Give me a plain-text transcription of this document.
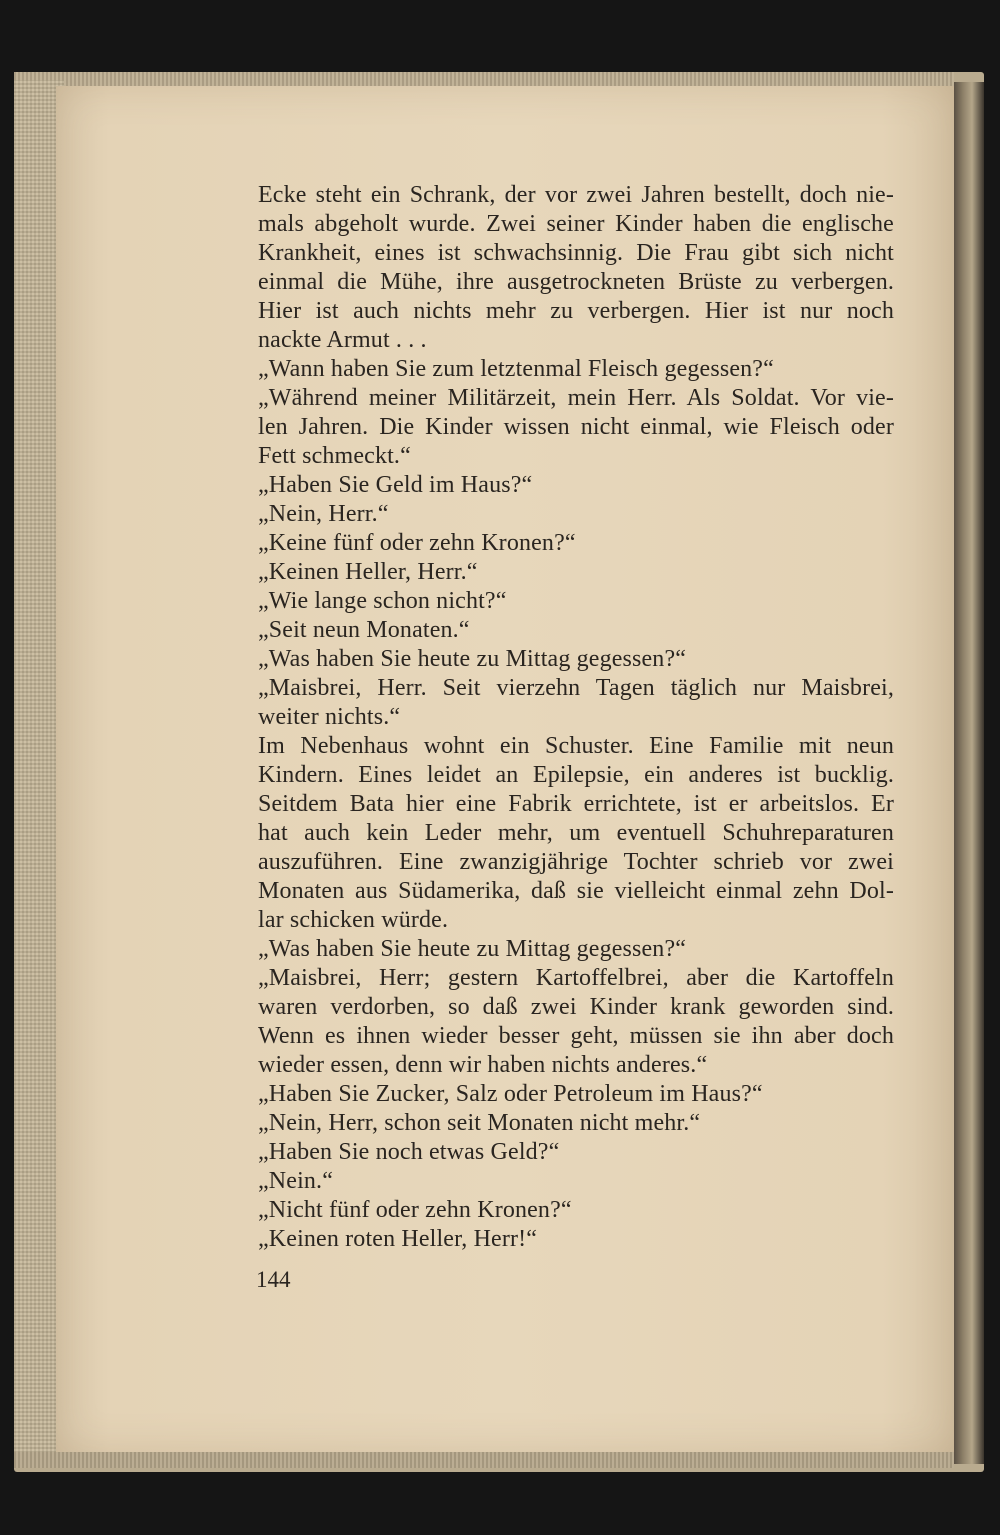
Ecke steht ein Schrank, der vor zwei Jahren bestellt, doch nie-
mals abgeholt wurde. Zwei seiner Kinder haben die englische
Krankheit, eines ist schwachsinnig. Die Frau gibt sich nicht
einmal die Mühe, ihre ausgetrockneten Brüste zu verbergen.
Hier ist auch nichts mehr zu verbergen. Hier ist nur noch
nackte Armut . . .
„Wann haben Sie zum letztenmal Fleisch gegessen?“
„Während meiner Militärzeit, mein Herr. Als Soldat. Vor vie-
len Jahren. Die Kinder wissen nicht einmal, wie Fleisch oder
Fett schmeckt.“
„Haben Sie Geld im Haus?“
„Nein, Herr.“
„Keine fünf oder zehn Kronen?“
„Keinen Heller, Herr.“
„Wie lange schon nicht?“
„Seit neun Monaten.“
„Was haben Sie heute zu Mittag gegessen?“
„Maisbrei, Herr. Seit vierzehn Tagen täglich nur Maisbrei,
weiter nichts.“
Im Nebenhaus wohnt ein Schuster. Eine Familie mit neun
Kindern. Eines leidet an Epilepsie, ein anderes ist bucklig.
Seitdem Bata hier eine Fabrik errichtete, ist er arbeitslos. Er
hat auch kein Leder mehr, um eventuell Schuhreparaturen
auszuführen. Eine zwanzigjährige Tochter schrieb vor zwei
Monaten aus Südamerika, daß sie vielleicht einmal zehn Dol-
lar schicken würde.
„Was haben Sie heute zu Mittag gegessen?“
„Maisbrei, Herr; gestern Kartoffelbrei, aber die Kartoffeln
waren verdorben, so daß zwei Kinder krank geworden sind.
Wenn es ihnen wieder besser geht, müssen sie ihn aber doch
wieder essen, denn wir haben nichts anderes.“
„Haben Sie Zucker, Salz oder Petroleum im Haus?“
„Nein, Herr, schon seit Monaten nicht mehr.“
„Haben Sie noch etwas Geld?“
„Nein.“
„Nicht fünf oder zehn Kronen?“
„Keinen roten Heller, Herr!“
144
